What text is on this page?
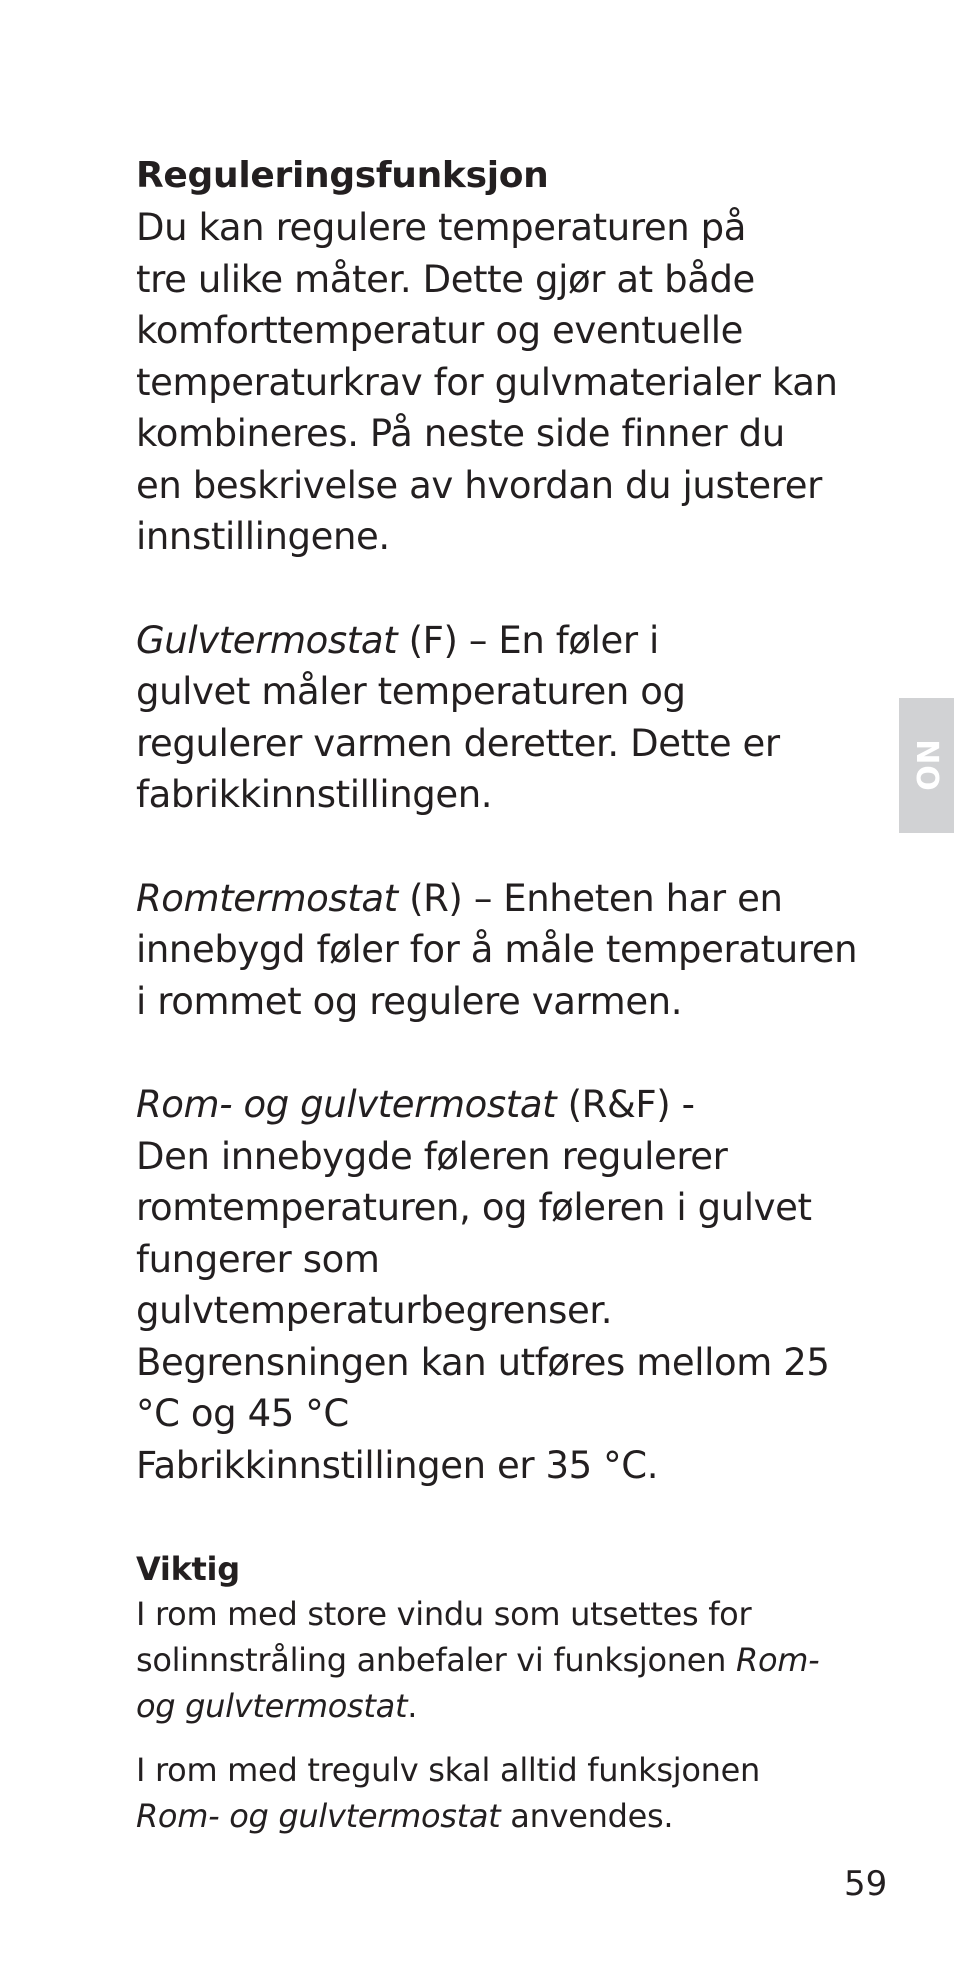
Reguleringsfunksjon

Du kan regulere temperaturen på
tre ulike måter. Dette gjør at både
komforttemperatur og eventuelle
temperaturkrav for gulvmaterialer kan
kombineres. På neste side finner du
en beskrivelse av hvordan du justerer
innstillingene.

Gulvtermostat (F) – En føler i
gulvet måler temperaturen og
regulerer varmen deretter. Dette er
fabrikkinnstillingen.

Romtermostat (R) – Enheten har en
innebygd føler for å måle temperaturen
i rommet og regulere varmen.

Rom- og gulvtermostat (R&F) -
Den innebygde føleren regulerer
romtemperaturen, og føleren i gulvet
fungerer som gulvtemperaturbegrenser.
Begrensningen kan utføres mellom 25
°C og 45 °C
Fabrikkinnstillingen er 35 °C.

Viktig

I rom med store vindu som utsettes for
solinnstråling anbefaler vi funksjonen Rom-
og gulvtermostat.

I rom med tregulv skal alltid funksjonen
Rom- og gulvtermostat anvendes.

NO
59
